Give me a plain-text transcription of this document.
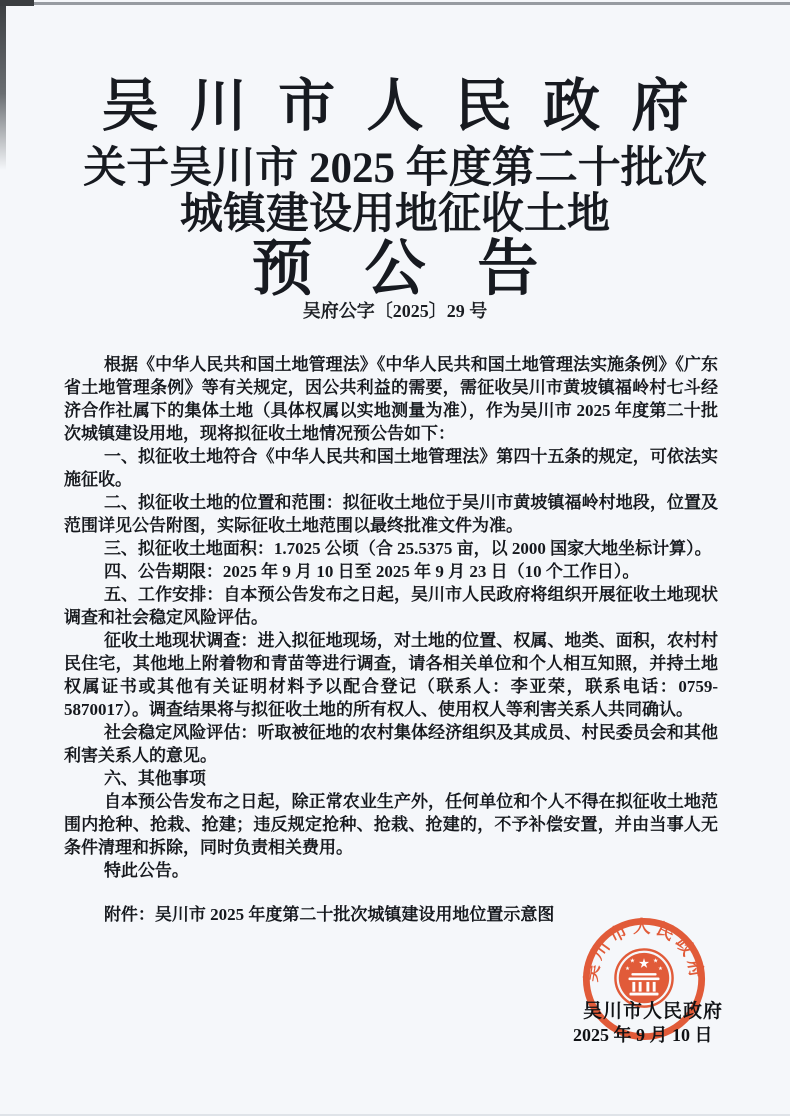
吴川市人民政府
关于吴川市 2025 年度第二十批次
城镇建设用地征收土地
预公告
吴府公字〔2025〕29 号

根据《中华人民共和国土地管理法》《中华人民共和国土地管理法实施条例》《广东省土地管理条例》等有关规定，因公共利益的需要，需征收吴川市黄坡镇福岭村七斗经济合作社属下的集体土地（具体权属以实地测量为准），作为吴川市 2025 年度第二十批次城镇建设用地，现将拟征收土地情况预公告如下：

一、拟征收土地符合《中华人民共和国土地管理法》第四十五条的规定，可依法实施征收。

二、拟征收土地的位置和范围：拟征收土地位于吴川市黄坡镇福岭村地段，位置及范围详见公告附图，实际征收土地范围以最终批准文件为准。

三、拟征收土地面积：1.7025 公顷（合 25.5375 亩，以 2000 国家大地坐标计算）。

四、公告期限：2025 年 9 月 10 日至 2025 年 9 月 23 日（10 个工作日）。

五、工作安排：自本预公告发布之日起，吴川市人民政府将组织开展征收土地现状调查和社会稳定风险评估。

征收土地现状调查：进入拟征地现场，对土地的位置、权属、地类、面积，农村村民住宅，其他地上附着物和青苗等进行调查，请各相关单位和个人相互知照，并持土地权属证书或其他有关证明材料予以配合登记（联系人：李亚荣，联系电话：0759-5870017）。调查结果将与拟征收土地的所有权人、使用权人等利害关系人共同确认。

社会稳定风险评估：听取被征地的农村集体经济组织及其成员、村民委员会和其他利害关系人的意见。

六、其他事项

自本预公告发布之日起，除正常农业生产外，任何单位和个人不得在拟征收土地范围内抢种、抢栽、抢建；违反规定抢种、抢栽、抢建的，不予补偿安置，并由当事人无条件清理和拆除，同时负责相关费用。

特此公告。

附件：吴川市 2025 年度第二十批次城镇建设用地位置示意图

吴川市人民政府
吴川市人民政府
2025 年 9 月 10 日
